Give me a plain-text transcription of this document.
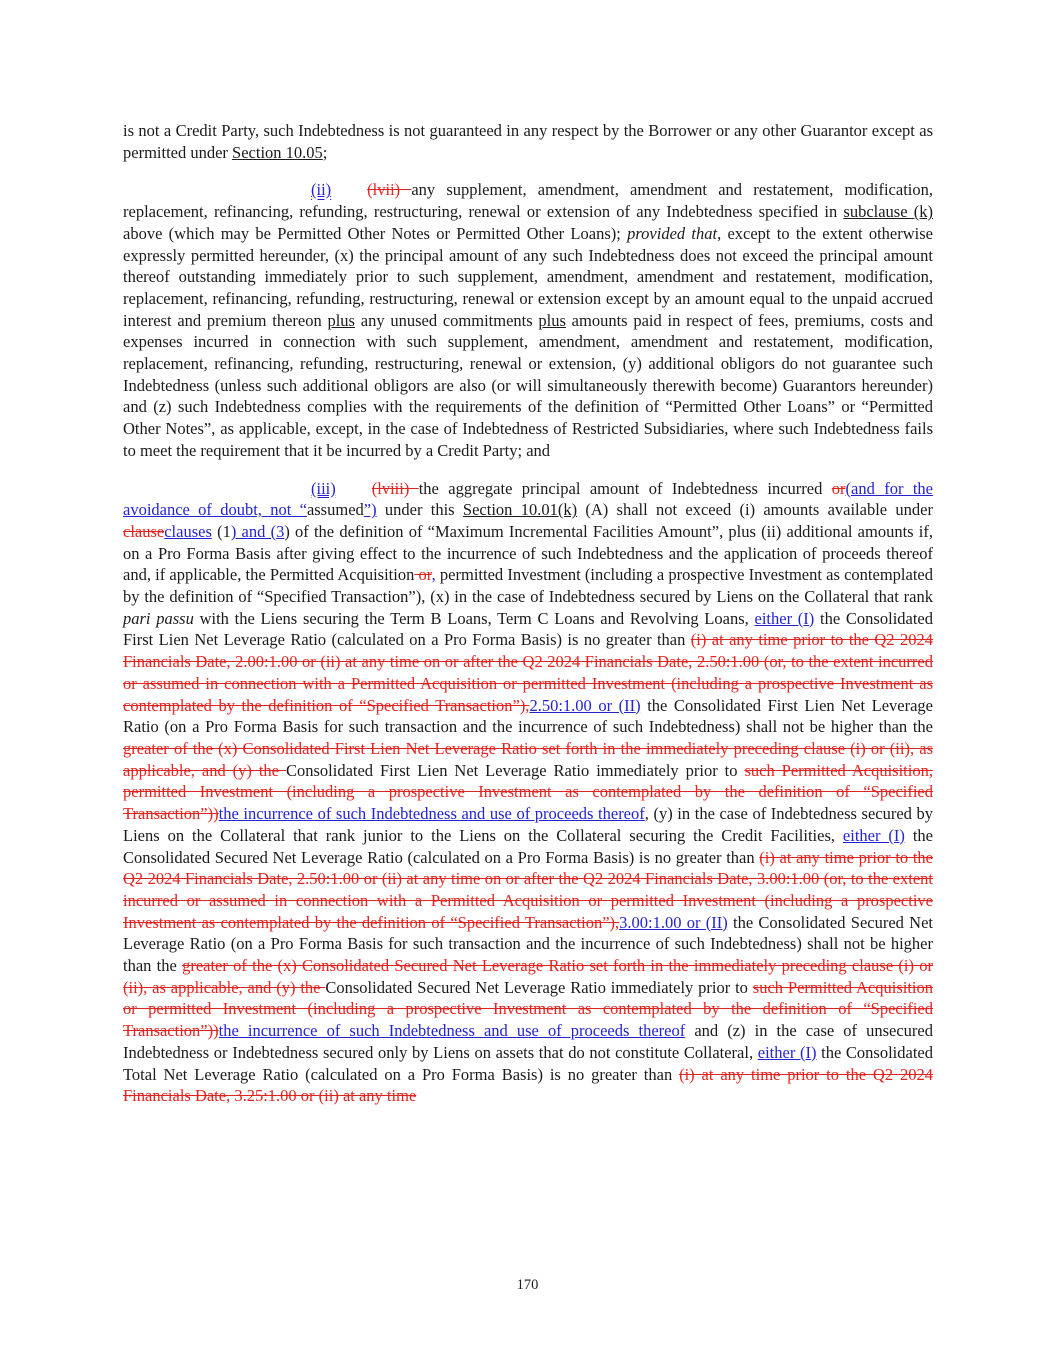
is not a Credit Party, such Indebtedness is not guaranteed in any respect by the Borrower or any other Guarantor except as permitted under Section 10.05;

(ii) (lvii) any supplement, amendment, amendment and restatement, modification, replacement, refinancing, refunding, restructuring, renewal or extension of any Indebtedness specified in subclause (k) above (which may be Permitted Other Notes or Permitted Other Loans); provided that, except to the extent otherwise expressly permitted hereunder, (x) the principal amount of any such Indebtedness does not exceed the principal amount thereof outstanding immediately prior to such supplement, amendment, amendment and restatement, modification, replacement, refinancing, refunding, restructuring, renewal or extension except by an amount equal to the unpaid accrued interest and premium thereon plus any unused commitments plus amounts paid in respect of fees, premiums, costs and expenses incurred in connection with such supplement, amendment, amendment and restatement, modification, replacement, refinancing, refunding, restructuring, renewal or extension, (y) additional obligors do not guarantee such Indebtedness (unless such additional obligors are also (or will simultaneously therewith become) Guarantors hereunder) and (z) such Indebtedness complies with the requirements of the definition of “Permitted Other Loans” or “Permitted Other Notes”, as applicable, except, in the case of Indebtedness of Restricted Subsidiaries, where such Indebtedness fails to meet the requirement that it be incurred by a Credit Party; and

(iii) (lviii) the aggregate principal amount of Indebtedness incurred or(and for the avoidance of doubt, not “assumed”) under this Section 10.01(k) (A) shall not exceed (i) amounts available under clauseclauses (1) and (3) of the definition of “Maximum Incremental Facilities Amount”, plus (ii) additional amounts if, on a Pro Forma Basis after giving effect to the incurrence of such Indebtedness and the application of proceeds thereof and, if applicable, the Permitted Acquisition or, permitted Investment (including a prospective Investment as contemplated by the definition of “Specified Transaction”), (x) in the case of Indebtedness secured by Liens on the Collateral that rank pari passu with the Liens securing the Term B Loans, Term C Loans and Revolving Loans, either (I) the Consolidated First Lien Net Leverage Ratio (calculated on a Pro Forma Basis) is no greater than (i) at any time prior to the Q2 2024 Financials Date, 2.00:1.00 or (ii) at any time on or after the Q2 2024 Financials Date, 2.50:1.00 (or, to the extent incurred or assumed in connection with a Permitted Acquisition or permitted Investment (including a prospective Investment as contemplated by the definition of “Specified Transaction”),2.50:1.00 or (II) the Consolidated First Lien Net Leverage Ratio (on a Pro Forma Basis for such transaction and the incurrence of such Indebtedness) shall not be higher than the greater of the (x) Consolidated First Lien Net Leverage Ratio set forth in the immediately preceding clause (i) or (ii), as applicable, and (y) the Consolidated First Lien Net Leverage Ratio immediately prior to such Permitted Acquisition, permitted Investment (including a prospective Investment as contemplated by the definition of “Specified Transaction”))the incurrence of such Indebtedness and use of proceeds thereof, (y) in the case of Indebtedness secured by Liens on the Collateral that rank junior to the Liens on the Collateral securing the Credit Facilities, either (I) the Consolidated Secured Net Leverage Ratio (calculated on a Pro Forma Basis) is no greater than (i) at any time prior to the Q2 2024 Financials Date, 2.50:1.00 or (ii) at any time on or after the Q2 2024 Financials Date, 3.00:1.00 (or, to the extent incurred or assumed in connection with a Permitted Acquisition or permitted Investment (including a prospective Investment as contemplated by the definition of “Specified Transaction”),3.00:1.00 or (II) the Consolidated Secured Net Leverage Ratio (on a Pro Forma Basis for such transaction and the incurrence of such Indebtedness) shall not be higher than the greater of the (x) Consolidated Secured Net Leverage Ratio set forth in the immediately preceding clause (i) or (ii), as applicable, and (y) the Consolidated Secured Net Leverage Ratio immediately prior to such Permitted Acquisition or permitted Investment (including a prospective Investment as contemplated by the definition of “Specified Transaction”))the incurrence of such Indebtedness and use of proceeds thereof and (z) in the case of unsecured Indebtedness or Indebtedness secured only by Liens on assets that do not constitute Collateral, either (I) the Consolidated Total Net Leverage Ratio (calculated on a Pro Forma Basis) is no greater than (i) at any time prior to the Q2 2024 Financials Date, 3.25:1.00 or (ii) at any time

170
